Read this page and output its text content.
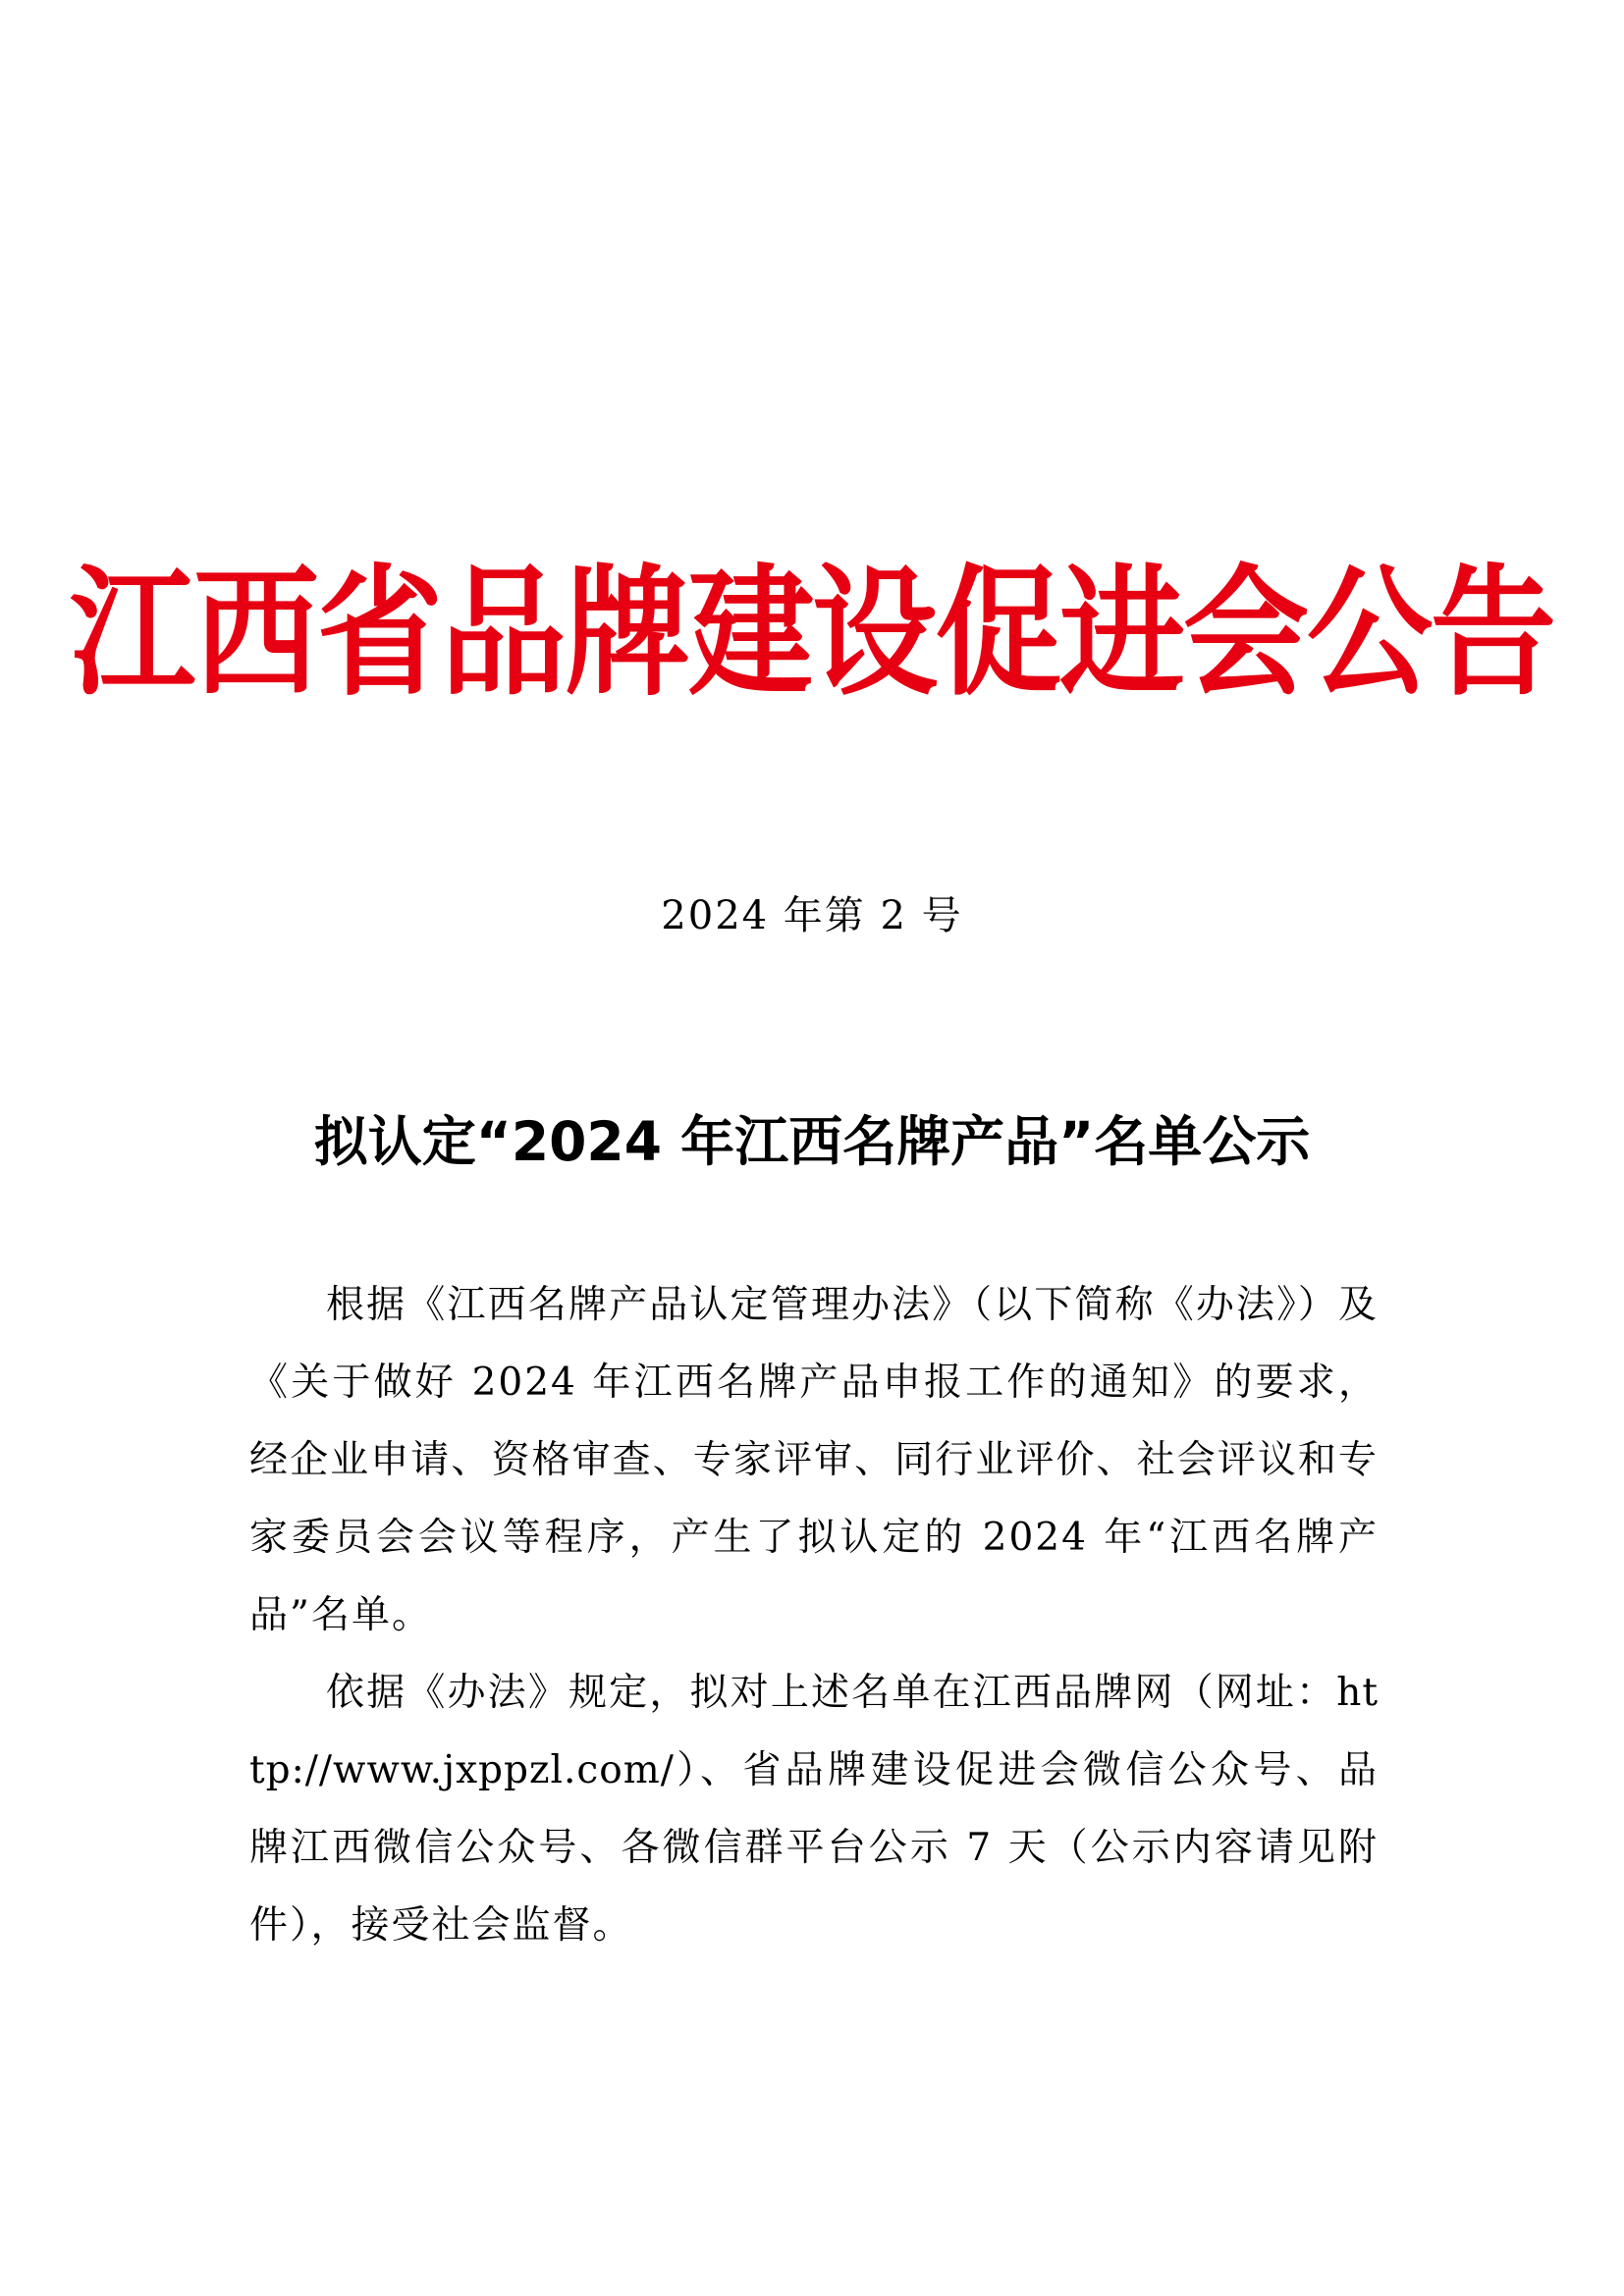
江西省品牌建设促进会公告
2024 年第 2 号
拟认定“2024 年江西名牌产品”名单公示

根据《江西名牌产品认定管理办法》（以下简称《办法》）及《关于做好 2024 年江西名牌产品申报工作的通知》的要求，经企业申请、资格审查、专家评审、同行业评价、社会评议和专家委员会会议等程序，产生了拟认定的 2024 年“江西名牌产品”名单。

依据《办法》规定，拟对上述名单在江西品牌网（网址：http://www.jxppzl.com/）、省品牌建设促进会微信公众号、品牌江西微信公众号、各微信群平台公示 7 天（公示内容请见附件），接受社会监督。
